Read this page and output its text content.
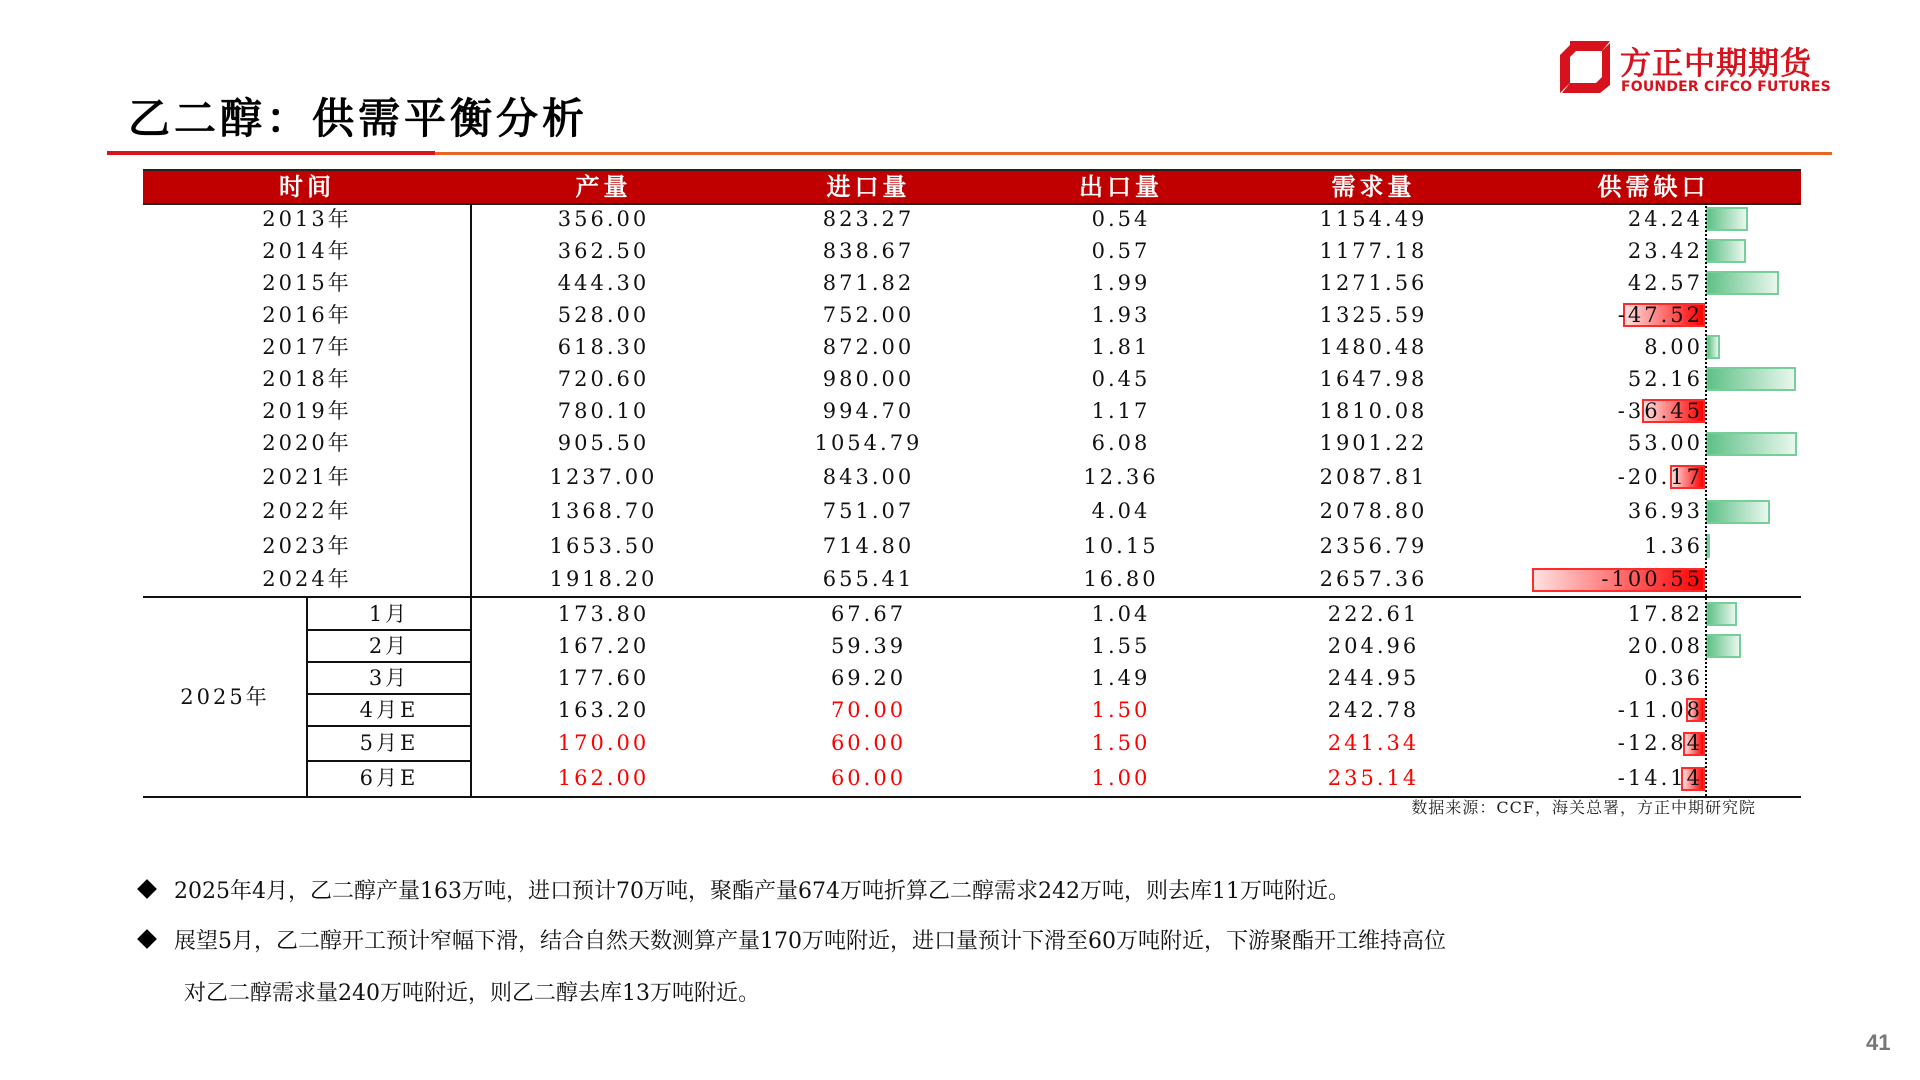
乙二醇：供需平衡分析
方正中期期货
FOUNDER CIFCO FUTURES
时间	产量	进口量	出口量	需求量	供需缺口
2013年	356.00	823.27	0.54	1154.49	24.24
2014年	362.50	838.67	0.57	1177.18	23.42
2015年	444.30	871.82	1.99	1271.56	42.57
2016年	528.00	752.00	1.93	1325.59	-47.52
2017年	618.30	872.00	1.81	1480.48	8.00
2018年	720.60	980.00	0.45	1647.98	52.16
2019年	780.10	994.70	1.17	1810.08	-36.45
2020年	905.50	1054.79	6.08	1901.22	53.00
2021年	1237.00	843.00	12.36	2087.81	-20.17
2022年	1368.70	751.07	4.04	2078.80	36.93
2023年	1653.50	714.80	10.15	2356.79	1.36
2024年	1918.20	655.41	16.80	2657.36	-100.55
1月	173.80	67.67	1.04	222.61	17.82
2月	167.20	59.39	1.55	204.96	20.08
3月	177.60	69.20	1.49	244.95	0.36
4月E	163.20	70.00	1.50	242.78	-11.08
5月E	170.00	60.00	1.50	241.34	-12.84
6月E	162.00	60.00	1.00	235.14	-14.14
2025年
数据来源：CCF，海关总署，方正中期研究院
2025年4月，乙二醇产量163万吨，进口预计70万吨，聚酯产量674万吨折算乙二醇需求242万吨，则去库11万吨附近。
展望5月，乙二醇开工预计窄幅下滑，结合自然天数测算产量170万吨附近，进口量预计下滑至60万吨附近，下游聚酯开工维持高位
对乙二醇需求量240万吨附近，则乙二醇去库13万吨附近。
41
